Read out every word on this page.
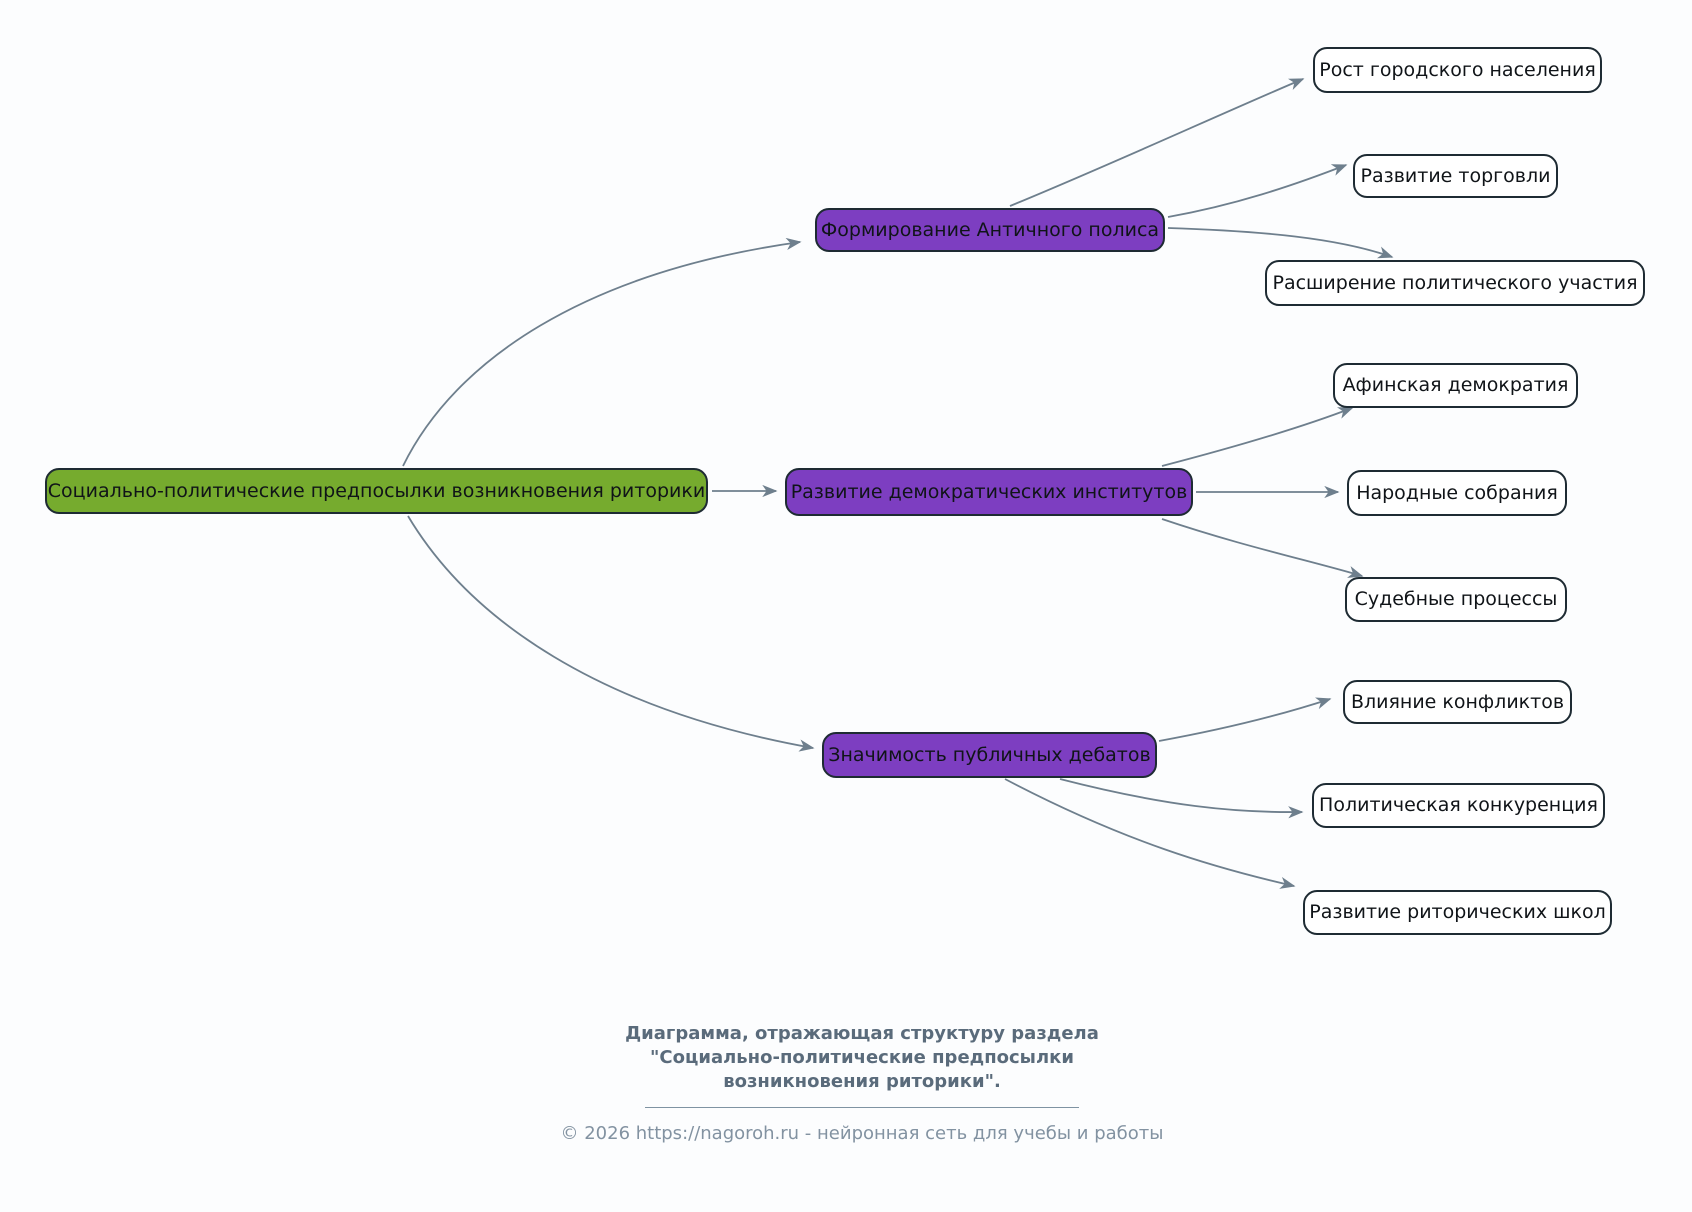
Социально-политические предпосылки возникновения риторики
Формирование Античного полиса
Развитие демократических институтов
Значимость публичных дебатов
Рост городского населения
Развитие торговли
Расширение политического участия
Афинская демократия
Народные собрания
Судебные процессы
Влияние конфликтов
Политическая конкуренция
Развитие риторических школ
Диаграмма, отражающая структуру раздела "Социально-политические предпосылки возникновения риторики".
© 2026 https://nagoroh.ru - нейронная сеть для учебы и работы
